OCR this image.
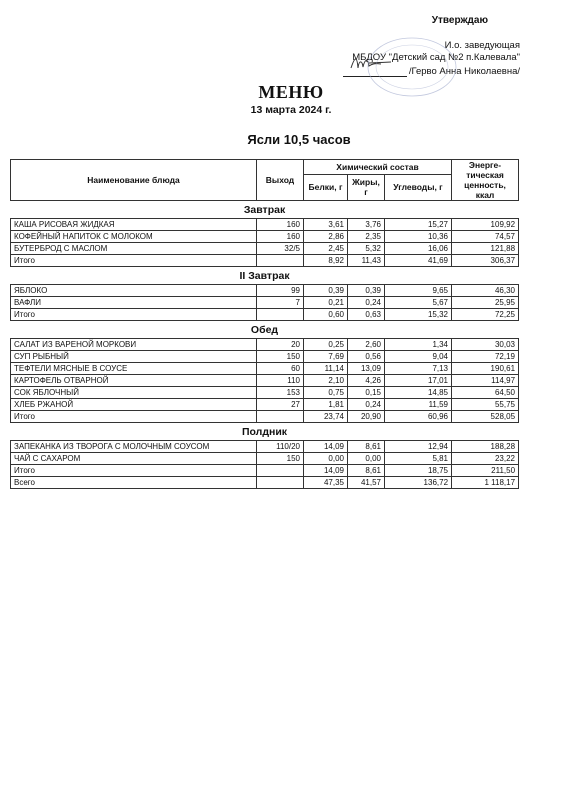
Утверждаю
И.о. заведующая
МБДОУ "Детский сад №2 п.Калевала"
/Герво Анна Николаевна/
МЕНЮ
13 марта 2024 г.
Ясли 10,5 часов
Наименование блюда	Выход	Химический состав			Энерге-тическая ценность, ккал
		Белки, г	Жиры, г	Углеводы, г	
Завтрак					
КАША РИСОВАЯ ЖИДКАЯ	160	3,61	3,76	15,27	109,92
КОФЕЙНЫЙ НАПИТОК С МОЛОКОМ	160	2,86	2,35	10,36	74,57
БУТЕРБРОД С МАСЛОМ	32/5	2,45	5,32	16,06	121,88
Итого		8,92	11,43	41,69	306,37
II Завтрак					
ЯБЛОКО	99	0,39	0,39	9,65	46,30
ВАФЛИ	7	0,21	0,24	5,67	25,95
Итого		0,60	0,63	15,32	72,25
Обед					
САЛАТ ИЗ ВАРЕНОЙ МОРКОВИ	20	0,25	2,60	1,34	30,03
СУП РЫБНЫЙ	150	7,69	0,56	9,04	72,19
ТЕФТЕЛИ МЯСНЫЕ В СОУСЕ	60	11,14	13,09	7,13	190,61
КАРТОФЕЛЬ ОТВАРНОЙ	110	2,10	4,26	17,01	114,97
СОК ЯБЛОЧНЫЙ	153	0,75	0,15	14,85	64,50
ХЛЕБ РЖАНОЙ	27	1,81	0,24	11,59	55,75
Итого		23,74	20,90	60,96	528,05
Полдник					
ЗАПЕКАНКА ИЗ ТВОРОГА С МОЛОЧНЫМ СОУСОМ	110/20	14,09	8,61	12,94	188,28
ЧАЙ С САХАРОМ	150	0,00	0,00	5,81	23,22
Итого		14,09	8,61	18,75	211,50
Всего		47,35	41,57	136,72	1 118,17
